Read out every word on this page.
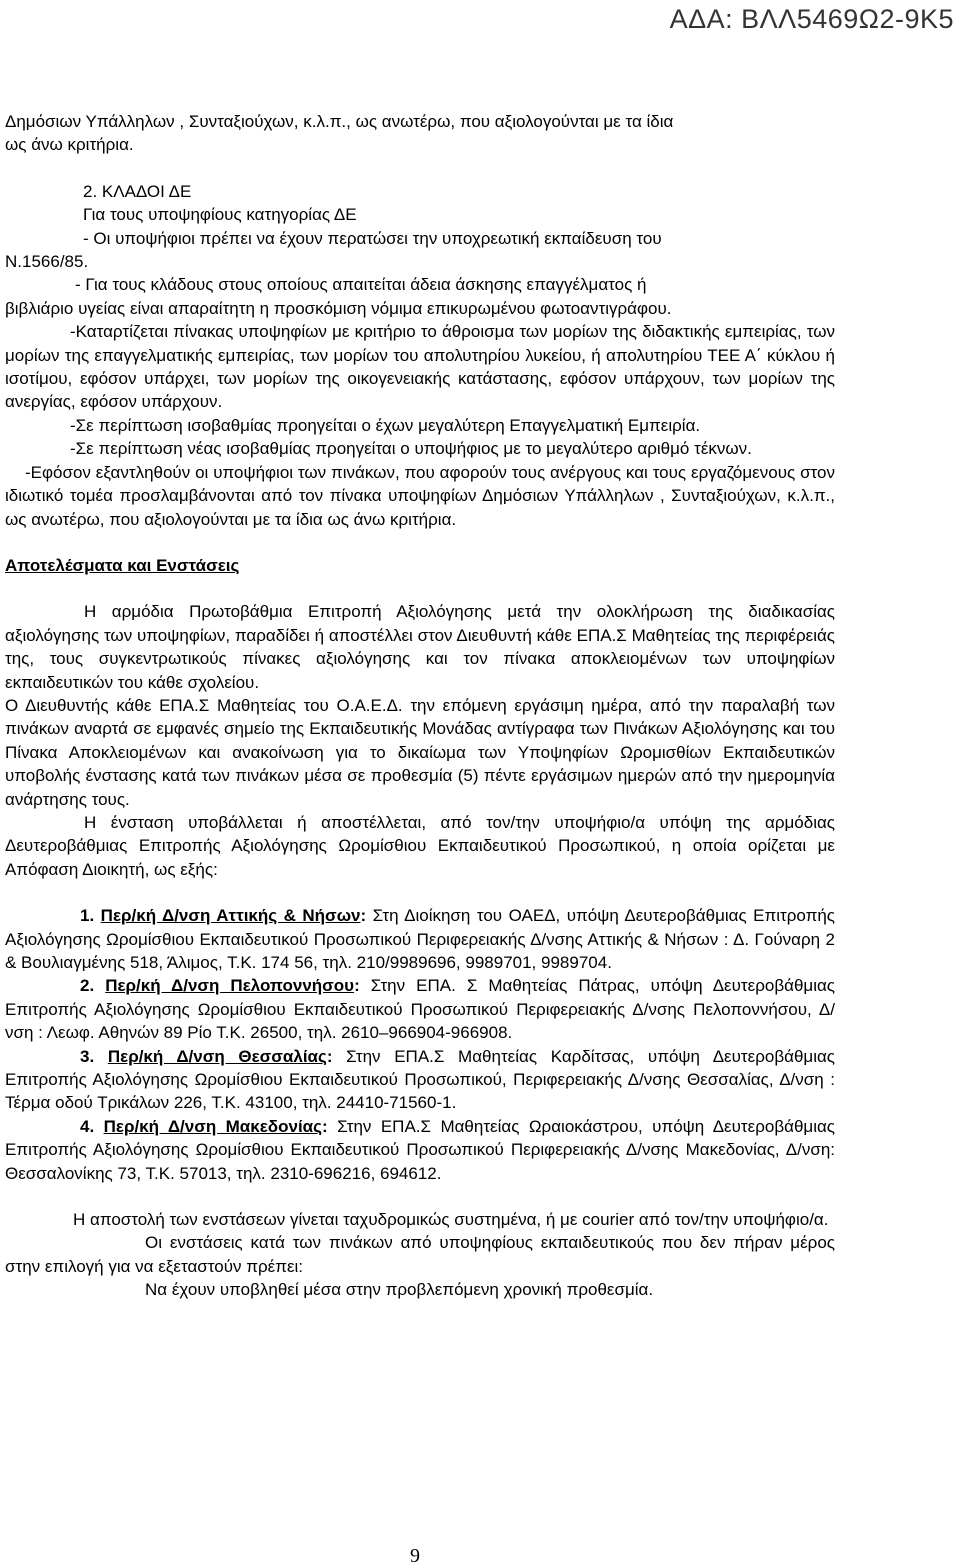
ΑΔΑ: ΒΛΛ5469Ω2-9Κ5

Δημόσιων Υπάλληλων , Συνταξιούχων, κ.λ.π., ως ανωτέρω, που αξιολογούνται με τα ίδια

ως άνω κριτήρια.

2. ΚΛΑΔΟΙ ΔΕ

Για τους υποψηφίους κατηγορίας ΔΕ

- Οι υποψήφιοι πρέπει να έχουν περατώσει την υποχρεωτική εκπαίδευση του

Ν.1566/85.

- Για τους κλάδους στους οποίους απαιτείται άδεια άσκησης επαγγέλματος ή

βιβλιάριο υγείας είναι απαραίτητη η προσκόμιση νόμιμα επικυρωμένου φωτοαντιγράφου.

-Καταρτίζεται πίνακας υποψηφίων με κριτήριο το άθροισμα των μορίων της διδακτικής εμπειρίας, των μορίων της επαγγελματικής εμπειρίας, των μορίων του απολυτηρίου λυκείου, ή απολυτηρίου ΤΕΕ Α΄ κύκλου ή ισοτίμου, εφόσον υπάρχει, των μορίων της οικογενειακής κατάστασης, εφόσον υπάρχουν, των μορίων της ανεργίας, εφόσον υπάρχουν.

-Σε περίπτωση ισοβαθμίας προηγείται ο έχων μεγαλύτερη Επαγγελματική Εμπειρία.

-Σε περίπτωση νέας ισοβαθμίας προηγείται ο υποψήφιος με το μεγαλύτερο αριθμό τέκνων.

-Εφόσον εξαντληθούν οι υποψήφιοι των πινάκων, που αφορούν τους ανέργους και τους εργαζόμενους στον ιδιωτικό τομέα προσλαμβάνονται από τον πίνακα υποψηφίων Δημόσιων Υπάλληλων , Συνταξιούχων, κ.λ.π., ως ανωτέρω, που αξιολογούνται με τα ίδια ως άνω κριτήρια.

Αποτελέσματα και Ενστάσεις

Η αρμόδια Πρωτοβάθμια Επιτροπή Αξιολόγησης μετά την ολοκλήρωση της διαδικασίας αξιολόγησης των υποψηφίων, παραδίδει ή αποστέλλει στον Διευθυντή κάθε ΕΠΑ.Σ Μαθητείας της περιφέρειάς της, τους συγκεντρωτικούς πίνακες αξιολόγησης και τον πίνακα αποκλειομένων των υποψηφίων εκπαιδευτικών του κάθε σχολείου.

Ο Διευθυντής κάθε ΕΠΑ.Σ Μαθητείας του Ο.Α.Ε.Δ. την επόμενη εργάσιμη ημέρα, από την παραλαβή των πινάκων αναρτά σε εμφανές σημείο της Εκπαιδευτικής Μονάδας αντίγραφα των Πινάκων Αξιολόγησης και του Πίνακα Αποκλειομένων και ανακοίνωση για το δικαίωμα των Υποψηφίων Ωρομισθίων Εκπαιδευτικών υποβολής ένστασης κατά των πινάκων μέσα σε προθεσμία (5) πέντε εργάσιμων ημερών από την ημερομηνία ανάρτησης τους.

Η ένσταση υποβάλλεται ή αποστέλλεται, από τον/την υποψήφιο/α υπόψη της αρμόδιας Δευτεροβάθμιας Επιτροπής Αξιολόγησης Ωρομίσθιου Εκπαιδευτικού Προσωπικού, η οποία ορίζεται με Απόφαση Διοικητή, ως εξής:

1. Περ/κή Δ/νση Αττικής & Νήσων: Στη Διοίκηση του ΟΑΕΔ, υπόψη Δευτεροβάθμιας Επιτροπής Αξιολόγησης Ωρομίσθιου Εκπαιδευτικού Προσωπικού Περιφερειακής Δ/νσης Αττικής & Νήσων : Δ. Γούναρη 2 & Βουλιαγμένης 518, Άλιμος, Τ.Κ. 174 56, τηλ. 210/9989696, 9989701, 9989704.

2. Περ/κή Δ/νση Πελοποννήσου: Στην ΕΠΑ. Σ Μαθητείας Πάτρας, υπόψη Δευτεροβάθμιας Επιτροπής Αξιολόγησης Ωρομίσθιου Εκπαιδευτικού Προσωπικού Περιφερειακής Δ/νσης Πελοποννήσου, Δ/νση : Λεωφ. Αθηνών 89 Ρίο Τ.Κ. 26500, τηλ. 2610–966904-966908.

3. Περ/κή Δ/νση Θεσσαλίας: Στην ΕΠΑ.Σ Μαθητείας Καρδίτσας, υπόψη Δευτεροβάθμιας Επιτροπής Αξιολόγησης Ωρομίσθιου Εκπαιδευτικού Προσωπικού, Περιφερειακής Δ/νσης Θεσσαλίας, Δ/νση : Τέρμα οδού Τρικάλων 226, Τ.Κ. 43100, τηλ. 24410-71560-1.

4. Περ/κή Δ/νση Μακεδονίας: Στην ΕΠΑ.Σ Μαθητείας Ωραιοκάστρου, υπόψη Δευτεροβάθμιας Επιτροπής Αξιολόγησης Ωρομίσθιου Εκπαιδευτικού Προσωπικού Περιφερειακής Δ/νσης Μακεδονίας, Δ/νση: Θεσσαλονίκης 73, Τ.Κ. 57013, τηλ. 2310-696216, 694612.

Η αποστολή των ενστάσεων γίνεται ταχυδρομικώς συστημένα, ή με courier από τον/την υποψήφιο/α.

Οι ενστάσεις κατά των πινάκων από υποψηφίους εκπαιδευτικούς που δεν πήραν μέρος στην επιλογή για να εξεταστούν πρέπει:

Να έχουν υποβληθεί μέσα στην προβλεπόμενη χρονική προθεσμία.

9
